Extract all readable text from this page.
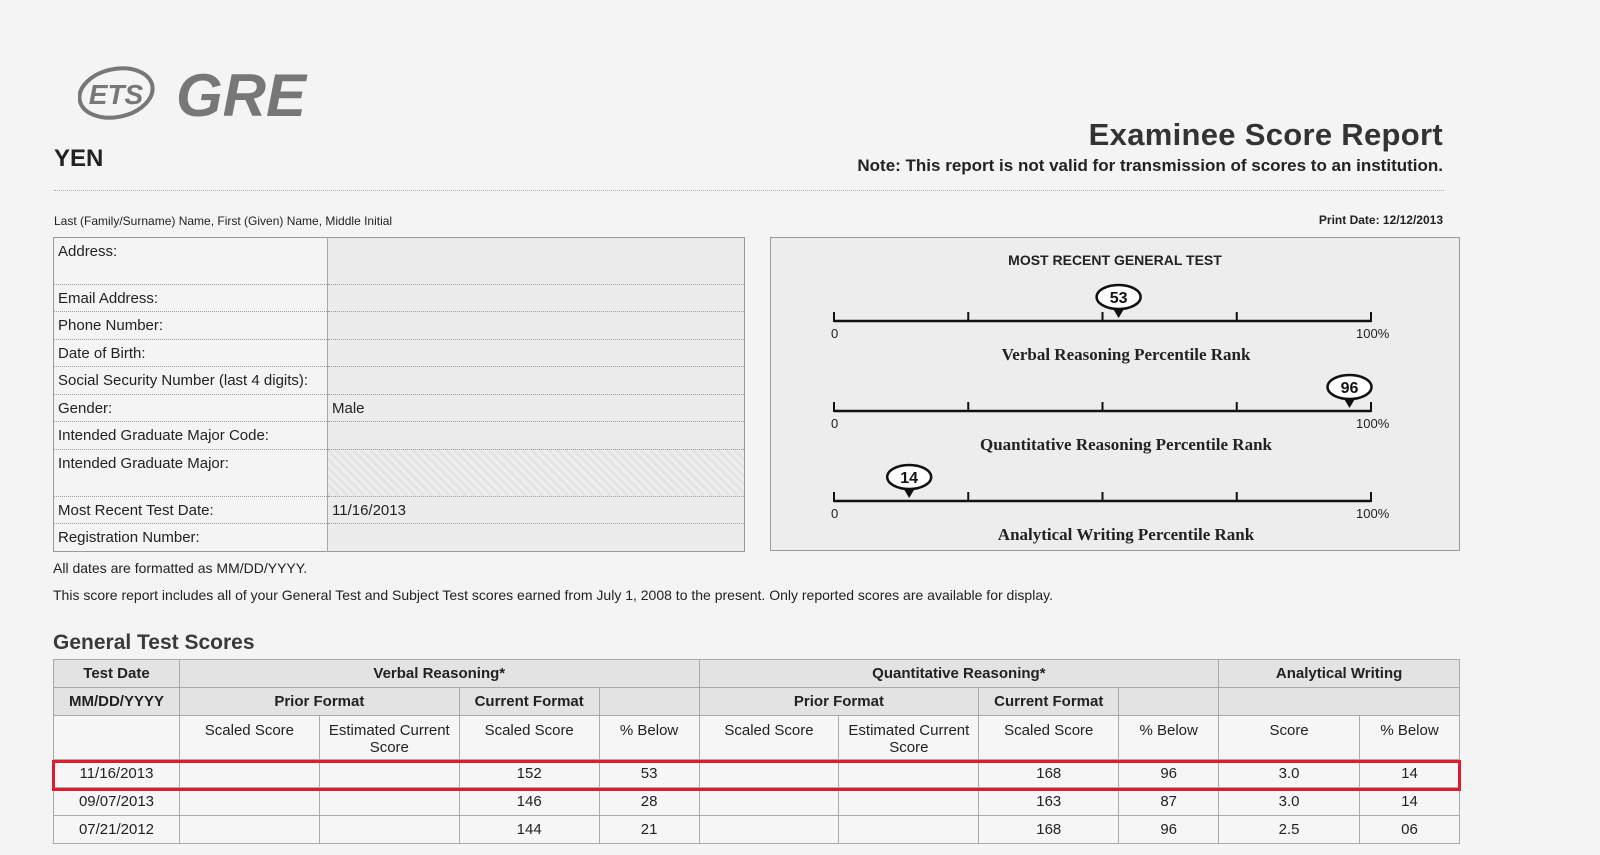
ETS GRE
YEN
Examinee Score Report
Note: This report is not valid for transmission of scores to an institution.
Last (Family/Surname) Name, First (Given) Name, Middle Initial	Print Date: 12/12/2013
Address:	
Email Address:	
Phone Number:	
Date of Birth:	
Social Security Number (last 4 digits):	
Gender:	Male
Intended Graduate Major Code:	
Intended Graduate Major:	
Most Recent Test Date:	11/16/2013
Registration Number:	
MOST RECENT GENERAL TEST
0	100%
53
Verbal Reasoning Percentile Rank
0	100%
96
Quantitative Reasoning Percentile Rank
0	100%
14
Analytical Writing Percentile Rank
All dates are formatted as MM/DD/YYYY.
This score report includes all of your General Test and Subject Test scores earned from July 1, 2008 to the present. Only reported scores are available for display.
General Test Scores
Test Date	Verbal Reasoning*				Quantitative Reasoning*				Analytical Writing	
MM/DD/YYYY	Prior Format		Current Format		Prior Format		Current Format			
	Scaled Score	Estimated Current Score	Scaled Score	% Below	Scaled Score	Estimated Current Score	Scaled Score	% Below	Score	% Below
11/16/2013			152	53			168	96	3.0	14
09/07/2013			146	28			163	87	3.0	14
07/21/2012			144	21			168	96	2.5	06
